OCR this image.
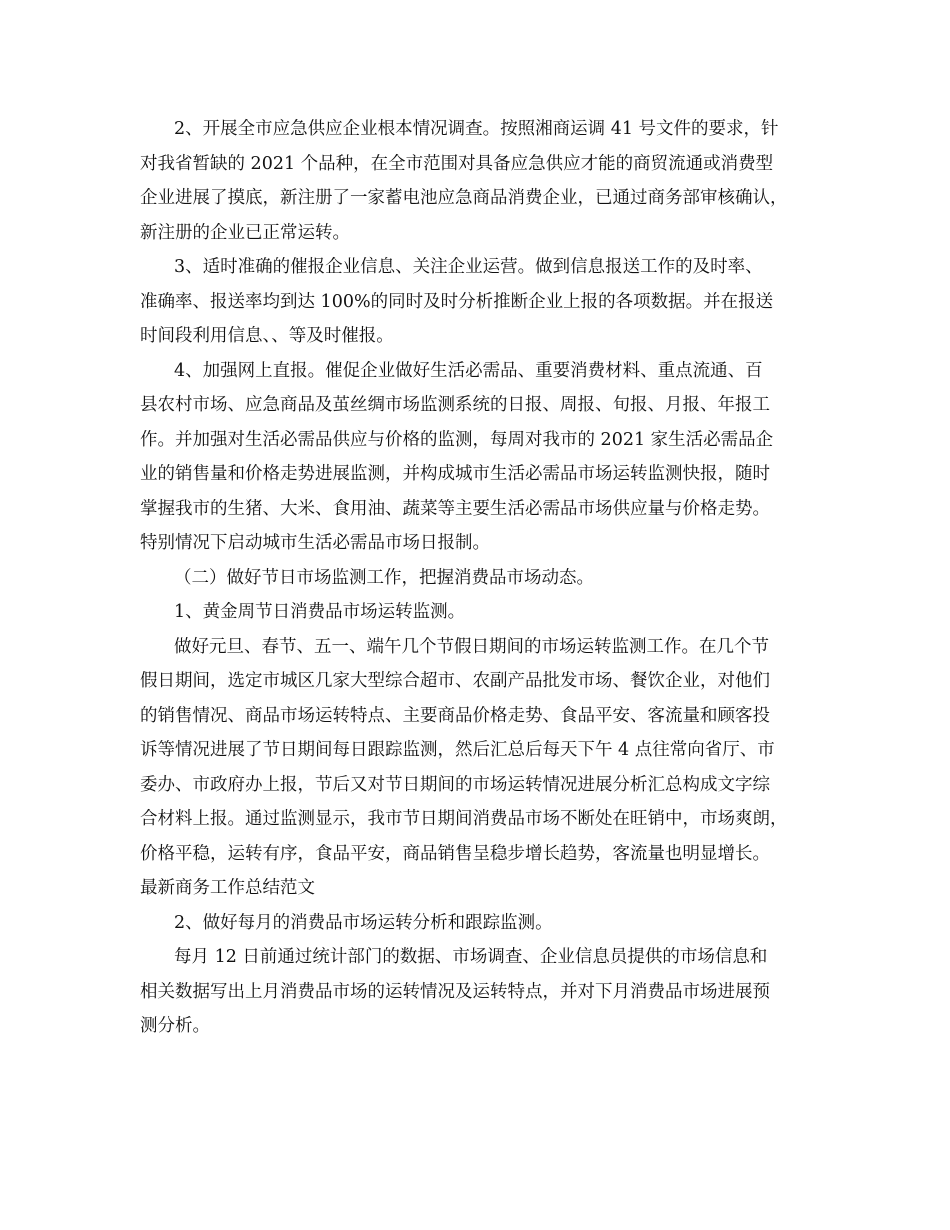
2、开展全市应急供应企业根本情况调查。按照湘商运调 41 号文件的要求，针
对我省暂缺的 2021 个品种，在全市范围对具备应急供应才能的商贸流通或消费型
企业进展了摸底，新注册了一家蓄电池应急商品消费企业，已通过商务部审核确认，
新注册的企业已正常运转。
3、适时准确的催报企业信息、关注企业运营。做到信息报送工作的及时率、
准确率、报送率均到达 100%的同时及时分析推断企业上报的各项数据。并在报送
时间段利用信息、、等及时催报。
4、加强网上直报。催促企业做好生活必需品、重要消费材料、重点流通、百
县农村市场、应急商品及茧丝绸市场监测系统的日报、周报、旬报、月报、年报工
作。并加强对生活必需品供应与价格的监测，每周对我市的 2021 家生活必需品企
业的销售量和价格走势进展监测，并构成城市生活必需品市场运转监测快报，随时
掌握我市的生猪、大米、食用油、蔬菜等主要生活必需品市场供应量与价格走势。
特别情况下启动城市生活必需品市场日报制。
（二）做好节日市场监测工作，把握消费品市场动态。
1、黄金周节日消费品市场运转监测。
做好元旦、春节、五一、端午几个节假日期间的市场运转监测工作。在几个节
假日期间，选定市城区几家大型综合超市、农副产品批发市场、餐饮企业，对他们
的销售情况、商品市场运转特点、主要商品价格走势、食品平安、客流量和顾客投
诉等情况进展了节日期间每日跟踪监测，然后汇总后每天下午 4 点往常向省厅、市
委办、市政府办上报，节后又对节日期间的市场运转情况进展分析汇总构成文字综
合材料上报。通过监测显示，我市节日期间消费品市场不断处在旺销中，市场爽朗，
价格平稳，运转有序，食品平安，商品销售呈稳步增长趋势，客流量也明显增长。
最新商务工作总结范文
2、做好每月的消费品市场运转分析和跟踪监测。
每月 12 日前通过统计部门的数据、市场调查、企业信息员提供的市场信息和
相关数据写出上月消费品市场的运转情况及运转特点，并对下月消费品市场进展预
测分析。
